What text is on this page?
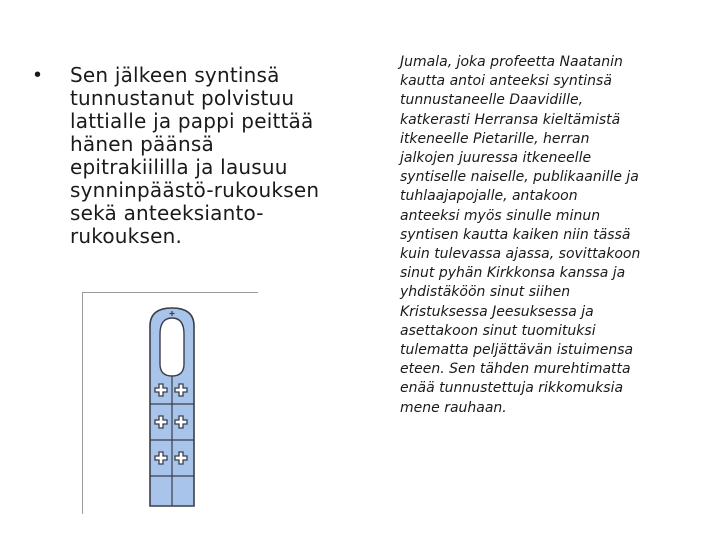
•	Sen jälkeen syntinsä
tunnustanut polvistuu
lattialle ja pappi peittää
hänen päänsä
epitrakiililla ja lausuu
synninpäästö-rukouksen
sekä anteeksianto-
rukouksen.
Jumala, joka profeetta Naatanin
kautta antoi anteeksi syntinsä
tunnustaneelle Daavidille,
katkerasti Herransa kieltämistä
itkeneelle Pietarille, herran
jalkojen juuressa itkeneelle
syntiselle naiselle, publikaanille ja
tuhlaajapojalle, antakoon
anteeksi myös sinulle minun
syntisen kautta kaiken niin tässä
kuin tulevassa ajassa, sovittakoon
sinut pyhän Kirkkonsa kanssa ja
yhdistäköön sinut siihen
Kristuksessa Jeesuksessa ja
asettakoon sinut tuomituksi
tulematta peljättävän istuimensa
eteen. Sen tähden murehtimatta
enää tunnustettuja rikkomuksia
mene rauhaan.
